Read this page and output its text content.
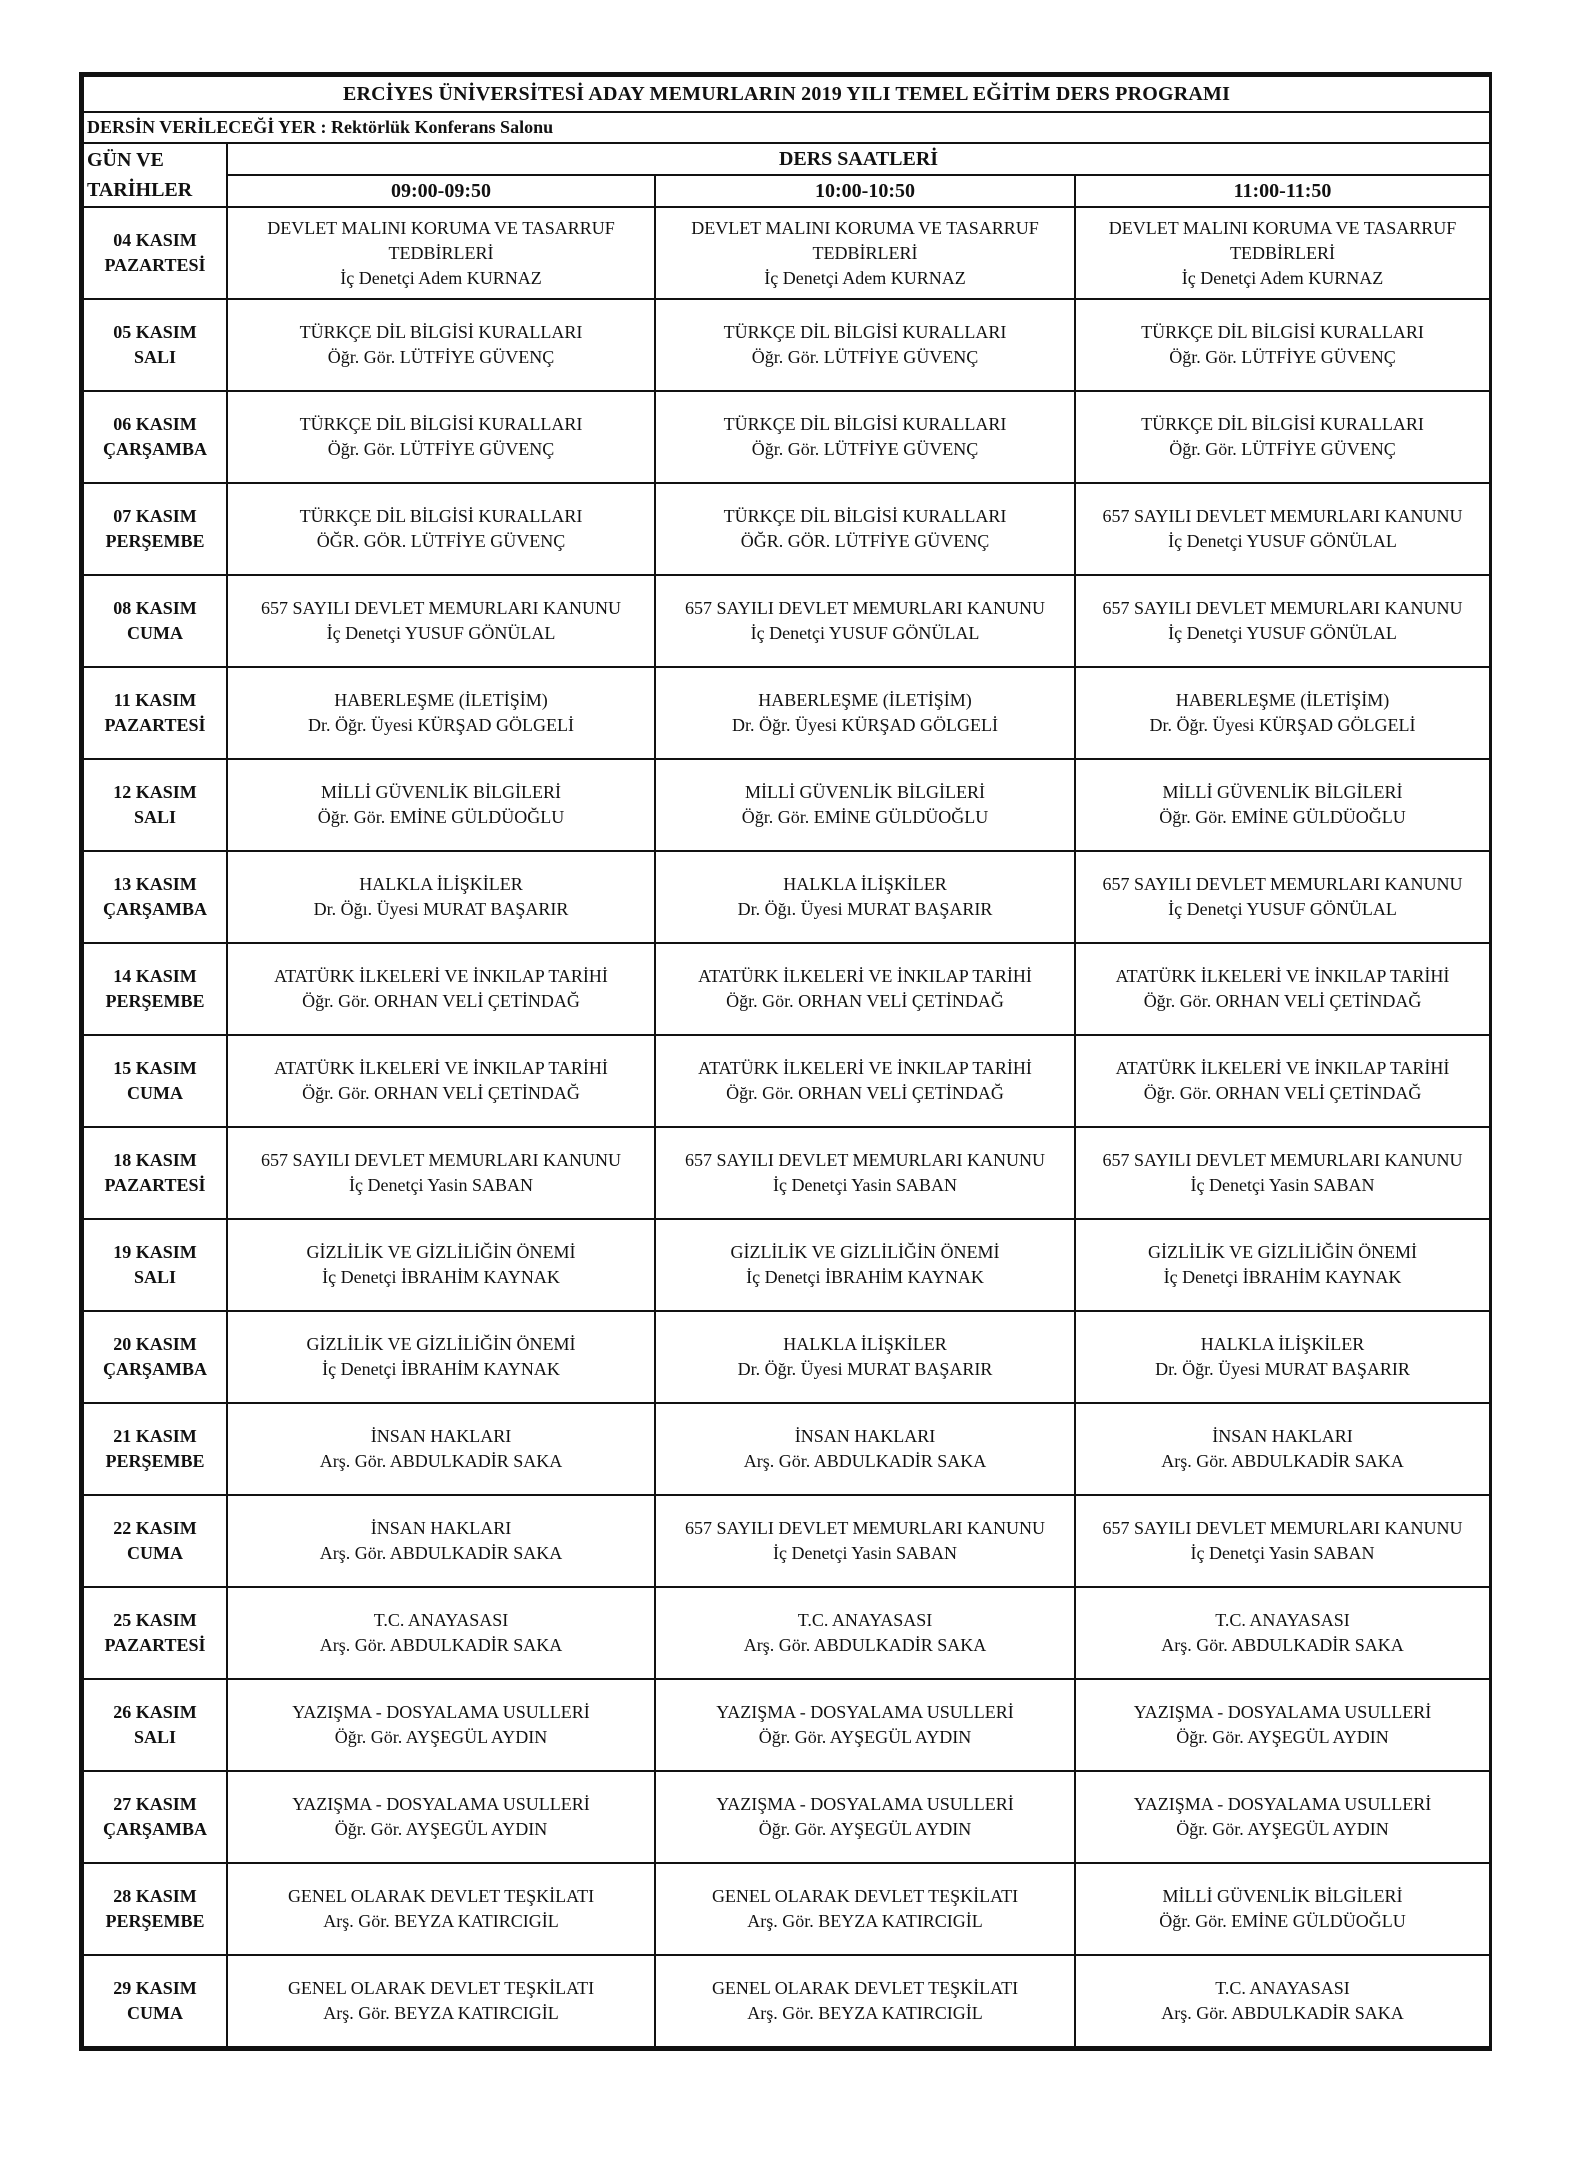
ERCİYES ÜNİVERSİTESİ ADAY MEMURLARIN 2019 YILI TEMEL EĞİTİM DERS PROGRAMI			
DERSİN VERİLECEĞİ YER : Rektörlük Konferans Salonu			

GÜN VE
TARİHLER	DERS SAATLERİ		
	09:00-09:50	10:00-10:50	11:00-11:50

04 KASIM
PAZARTESİ	DEVLET MALINI KORUMA VE TASARRUF
TEDBİRLERİ
İç Denetçi Adem KURNAZ	DEVLET MALINI KORUMA VE TASARRUF
TEDBİRLERİ
İç Denetçi Adem KURNAZ	DEVLET MALINI KORUMA VE TASARRUF
TEDBİRLERİ
İç Denetçi Adem KURNAZ

05 KASIM
SALI	TÜRKÇE DİL BİLGİSİ KURALLARI
Öğr. Gör. LÜTFİYE GÜVENÇ	TÜRKÇE DİL BİLGİSİ KURALLARI
Öğr. Gör. LÜTFİYE GÜVENÇ	TÜRKÇE DİL BİLGİSİ KURALLARI
Öğr. Gör. LÜTFİYE GÜVENÇ

06 KASIM
ÇARŞAMBA	TÜRKÇE DİL BİLGİSİ KURALLARI
Öğr. Gör. LÜTFİYE GÜVENÇ	TÜRKÇE DİL BİLGİSİ KURALLARI
Öğr. Gör. LÜTFİYE GÜVENÇ	TÜRKÇE DİL BİLGİSİ KURALLARI
Öğr. Gör. LÜTFİYE GÜVENÇ

07 KASIM
PERŞEMBE	TÜRKÇE DİL BİLGİSİ KURALLARI
ÖĞR. GÖR. LÜTFİYE GÜVENÇ	TÜRKÇE DİL BİLGİSİ KURALLARI
ÖĞR. GÖR. LÜTFİYE GÜVENÇ	657 SAYILI DEVLET MEMURLARI KANUNU
İç Denetçi YUSUF GÖNÜLAL

08 KASIM
CUMA	657 SAYILI DEVLET MEMURLARI KANUNU
İç Denetçi YUSUF GÖNÜLAL	657 SAYILI DEVLET MEMURLARI KANUNU
İç Denetçi YUSUF GÖNÜLAL	657 SAYILI DEVLET MEMURLARI KANUNU
İç Denetçi YUSUF GÖNÜLAL

11 KASIM
PAZARTESİ	HABERLEŞME (İLETİŞİM)
Dr. Öğr. Üyesi KÜRŞAD GÖLGELİ	HABERLEŞME (İLETİŞİM)
Dr. Öğr. Üyesi KÜRŞAD GÖLGELİ	HABERLEŞME (İLETİŞİM)
Dr. Öğr. Üyesi KÜRŞAD GÖLGELİ

12 KASIM
SALI	MİLLİ GÜVENLİK BİLGİLERİ
Öğr. Gör. EMİNE GÜLDÜOĞLU	MİLLİ GÜVENLİK BİLGİLERİ
Öğr. Gör. EMİNE GÜLDÜOĞLU	MİLLİ GÜVENLİK BİLGİLERİ
Öğr. Gör. EMİNE GÜLDÜOĞLU

13 KASIM
ÇARŞAMBA	HALKLA İLİŞKİLER
Dr. Öğı. Üyesi MURAT BAŞARIR	HALKLA İLİŞKİLER
Dr. Öğı. Üyesi MURAT BAŞARIR	657 SAYILI DEVLET MEMURLARI KANUNU
İç Denetçi YUSUF GÖNÜLAL

14 KASIM
PERŞEMBE	ATATÜRK İLKELERİ VE İNKILAP TARİHİ
Öğr. Gör. ORHAN VELİ ÇETİNDAĞ	ATATÜRK İLKELERİ VE İNKILAP TARİHİ
Öğr. Gör. ORHAN VELİ ÇETİNDAĞ	ATATÜRK İLKELERİ VE İNKILAP TARİHİ
Öğr. Gör. ORHAN VELİ ÇETİNDAĞ

15 KASIM
CUMA	ATATÜRK İLKELERİ VE İNKILAP TARİHİ
Öğr. Gör. ORHAN VELİ ÇETİNDAĞ	ATATÜRK İLKELERİ VE İNKILAP TARİHİ
Öğr. Gör. ORHAN VELİ ÇETİNDAĞ	ATATÜRK İLKELERİ VE İNKILAP TARİHİ
Öğr. Gör. ORHAN VELİ ÇETİNDAĞ

18 KASIM
PAZARTESİ	657 SAYILI DEVLET MEMURLARI KANUNU
İç Denetçi Yasin SABAN	657 SAYILI DEVLET MEMURLARI KANUNU
İç Denetçi Yasin SABAN	657 SAYILI DEVLET MEMURLARI KANUNU
İç Denetçi Yasin SABAN

19 KASIM
SALI	GİZLİLİK VE GİZLİLİĞİN ÖNEMİ
İç Denetçi İBRAHİM KAYNAK	GİZLİLİK VE GİZLİLİĞİN ÖNEMİ
İç Denetçi İBRAHİM KAYNAK	GİZLİLİK VE GİZLİLİĞİN ÖNEMİ
İç Denetçi İBRAHİM KAYNAK

20 KASIM
ÇARŞAMBA	GİZLİLİK VE GİZLİLİĞİN ÖNEMİ
İç Denetçi İBRAHİM KAYNAK	HALKLA İLİŞKİLER
Dr. Öğr. Üyesi MURAT BAŞARIR	HALKLA İLİŞKİLER
Dr. Öğr. Üyesi MURAT BAŞARIR

21 KASIM
PERŞEMBE	İNSAN HAKLARI
Arş. Gör. ABDULKADİR SAKA	İNSAN HAKLARI
Arş. Gör. ABDULKADİR SAKA	İNSAN HAKLARI
Arş. Gör. ABDULKADİR SAKA

22 KASIM
CUMA	İNSAN HAKLARI
Arş. Gör. ABDULKADİR SAKA	657 SAYILI DEVLET MEMURLARI KANUNU
İç Denetçi Yasin SABAN	657 SAYILI DEVLET MEMURLARI KANUNU
İç Denetçi Yasin SABAN

25 KASIM
PAZARTESİ	T.C. ANAYASASI
Arş. Gör. ABDULKADİR SAKA	T.C. ANAYASASI
Arş. Gör. ABDULKADİR SAKA	T.C. ANAYASASI
Arş. Gör. ABDULKADİR SAKA

26 KASIM
SALI	YAZIŞMA - DOSYALAMA USULLERİ
Öğr. Gör. AYŞEGÜL AYDIN	YAZIŞMA - DOSYALAMA USULLERİ
Öğr. Gör. AYŞEGÜL AYDIN	YAZIŞMA - DOSYALAMA USULLERİ
Öğr. Gör. AYŞEGÜL AYDIN

27 KASIM
ÇARŞAMBA	YAZIŞMA - DOSYALAMA USULLERİ
Öğr. Gör. AYŞEGÜL AYDIN	YAZIŞMA - DOSYALAMA USULLERİ
Öğr. Gör. AYŞEGÜL AYDIN	YAZIŞMA - DOSYALAMA USULLERİ
Öğr. Gör. AYŞEGÜL AYDIN

28 KASIM
PERŞEMBE	GENEL OLARAK DEVLET TEŞKİLATI
Arş. Gör. BEYZA KATIRCIGİL	GENEL OLARAK DEVLET TEŞKİLATI
Arş. Gör. BEYZA KATIRCIGİL	MİLLİ GÜVENLİK BİLGİLERİ
Öğr. Gör. EMİNE GÜLDÜOĞLU

29 KASIM
CUMA	GENEL OLARAK DEVLET TEŞKİLATI
Arş. Gör. BEYZA KATIRCIGİL	GENEL OLARAK DEVLET TEŞKİLATI
Arş. Gör. BEYZA KATIRCIGİL	T.C. ANAYASASI
Arş. Gör. ABDULKADİR SAKA
